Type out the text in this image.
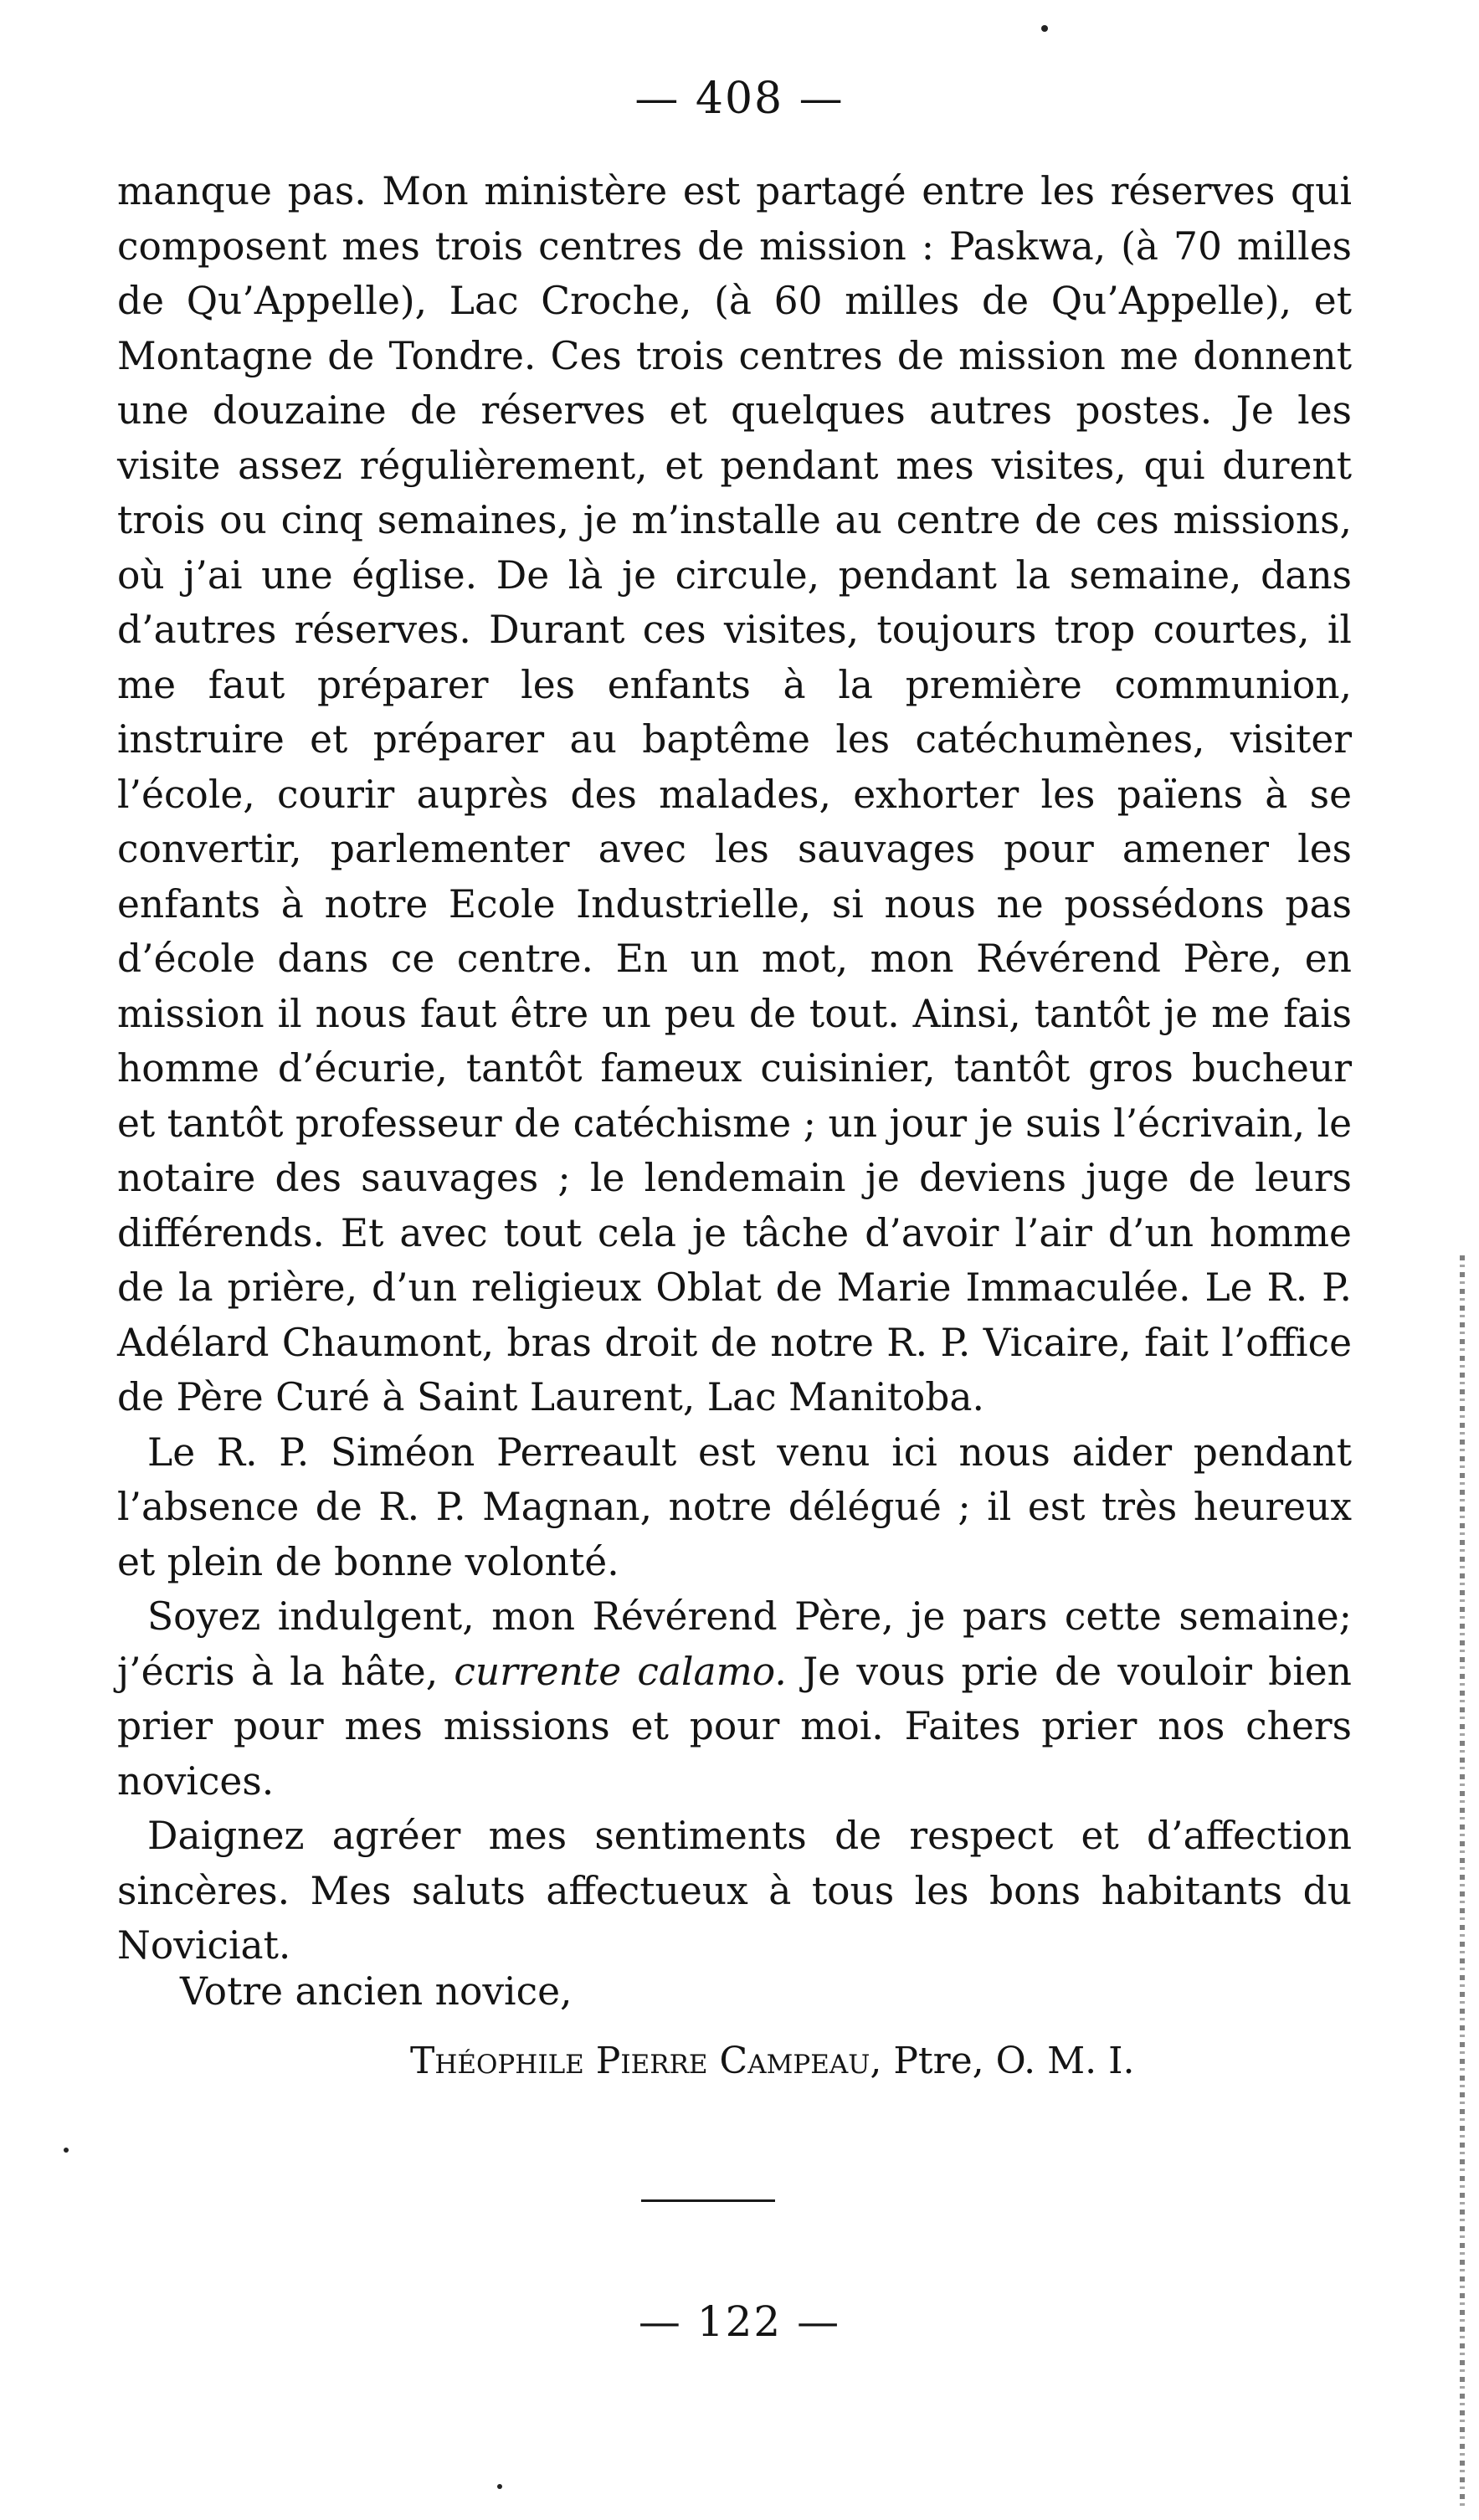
— 408 —

manque pas. Mon ministère est partagé entre les réserves qui composent mes trois centres de mission : Paskwa, (à 70 milles de Qu’Appelle), Lac Croche, (à 60 milles de Qu’Appelle), et Montagne de Tondre. Ces trois centres de mission me donnent une douzaine de réserves et quelques autres postes. Je les visite assez régulièrement, et pendant mes visites, qui durent trois ou cinq semaines, je m’installe au centre de ces missions, où j’ai une église. De là je circule, pendant la semaine, dans d’autres réserves. Durant ces visites, toujours trop courtes, il me faut préparer les enfants à la première communion, instruire et préparer au baptême les catéchumènes, visiter l’école, courir auprès des malades, exhorter les païens à se convertir, parlementer avec les sauvages pour amener les enfants à notre Ecole Industrielle, si nous ne possédons pas d’école dans ce centre. En un mot, mon Révérend Père, en mission il nous faut être un peu de tout. Ainsi, tantôt je me fais homme d’écurie, tantôt fameux cuisinier, tantôt gros bucheur et tantôt professeur de catéchisme ; un jour je suis l’écrivain, le notaire des sauvages ; le lendemain je deviens juge de leurs différends. Et avec tout cela je tâche d’avoir l’air d’un homme de la prière, d’un religieux Oblat de Marie Immaculée. Le R. P. Adélard Chaumont, bras droit de notre R. P. Vicaire, fait l’office de Père Curé à Saint Laurent, Lac Manitoba.

Le R. P. Siméon Perreault est venu ici nous aider pendant l’absence de R. P. Magnan, notre délégué ; il est très heureux et plein de bonne volonté.

Soyez indulgent, mon Révérend Père, je pars cette semaine; j’écris à la hâte, currente calamo. Je vous prie de vouloir bien prier pour mes missions et pour moi. Faites prier nos chers novices.

Daignez agréer mes sentiments de respect et d’affection sincères. Mes saluts affectueux à tous les bons habitants du Noviciat.

Votre ancien novice,
Théophile Pierre Campeau, Ptre, O. M. I.
— 122 —
